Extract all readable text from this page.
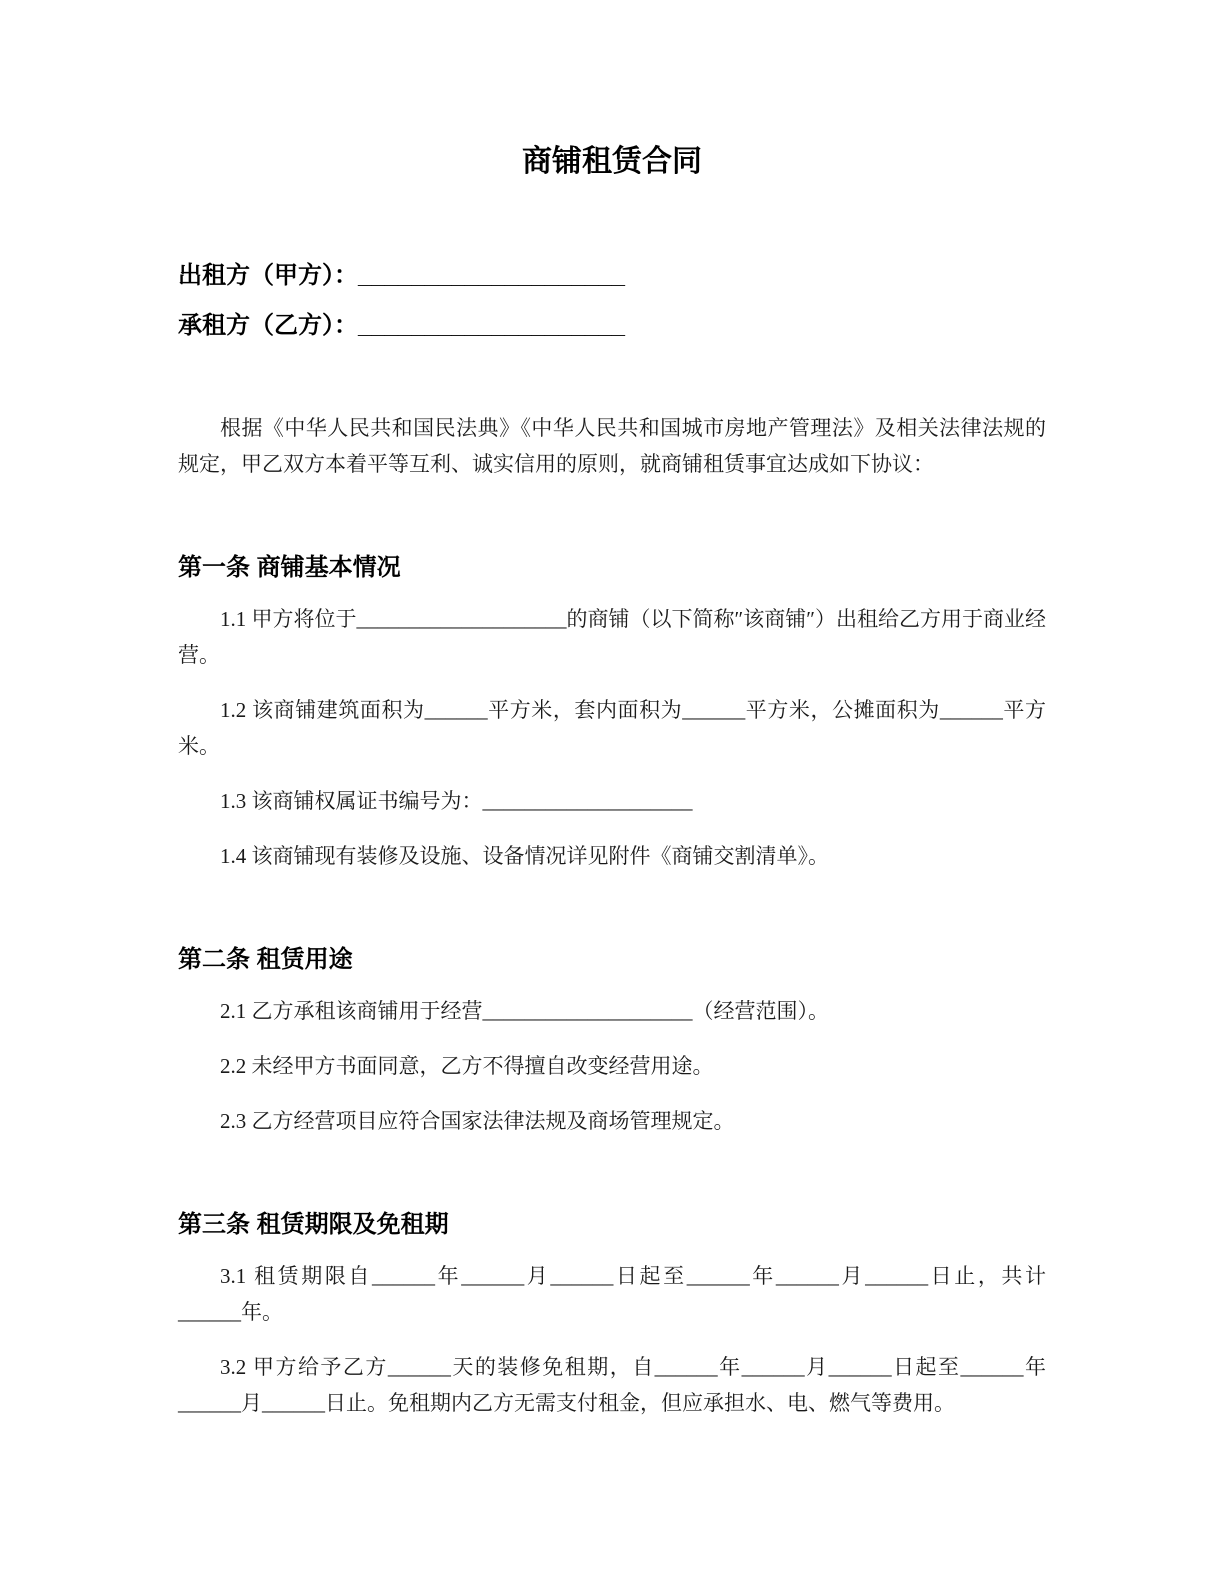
商铺租赁合同

出租方（甲方）：____________________

承租方（乙方）：____________________

根据《中华人民共和国民法典》《中华人民共和国城市房地产管理法》及相关法律法规的规定，甲乙双方本着平等互利、诚实信用的原则，就商铺租赁事宜达成如下协议：

第一条 商铺基本情况

1.1 甲方将位于____________________的商铺（以下简称″该商铺″）出租给乙方用于商业经营。

1.2 该商铺建筑面积为______平方米，套内面积为______平方米，公摊面积为______平方米。

1.3 该商铺权属证书编号为：____________________

1.4 该商铺现有装修及设施、设备情况详见附件《商铺交割清单》。

第二条 租赁用途

2.1 乙方承租该商铺用于经营____________________（经营范围）。

2.2 未经甲方书面同意，乙方不得擅自改变经营用途。

2.3 乙方经营项目应符合国家法律法规及商场管理规定。

第三条 租赁期限及免租期

3.1 租赁期限自______年______月______日起至______年______月______日止，共计______年。

3.2 甲方给予乙方______天的装修免租期，自______年______月______日起至______年______月______日止。免租期内乙方无需支付租金，但应承担水、电、燃气等费用。
